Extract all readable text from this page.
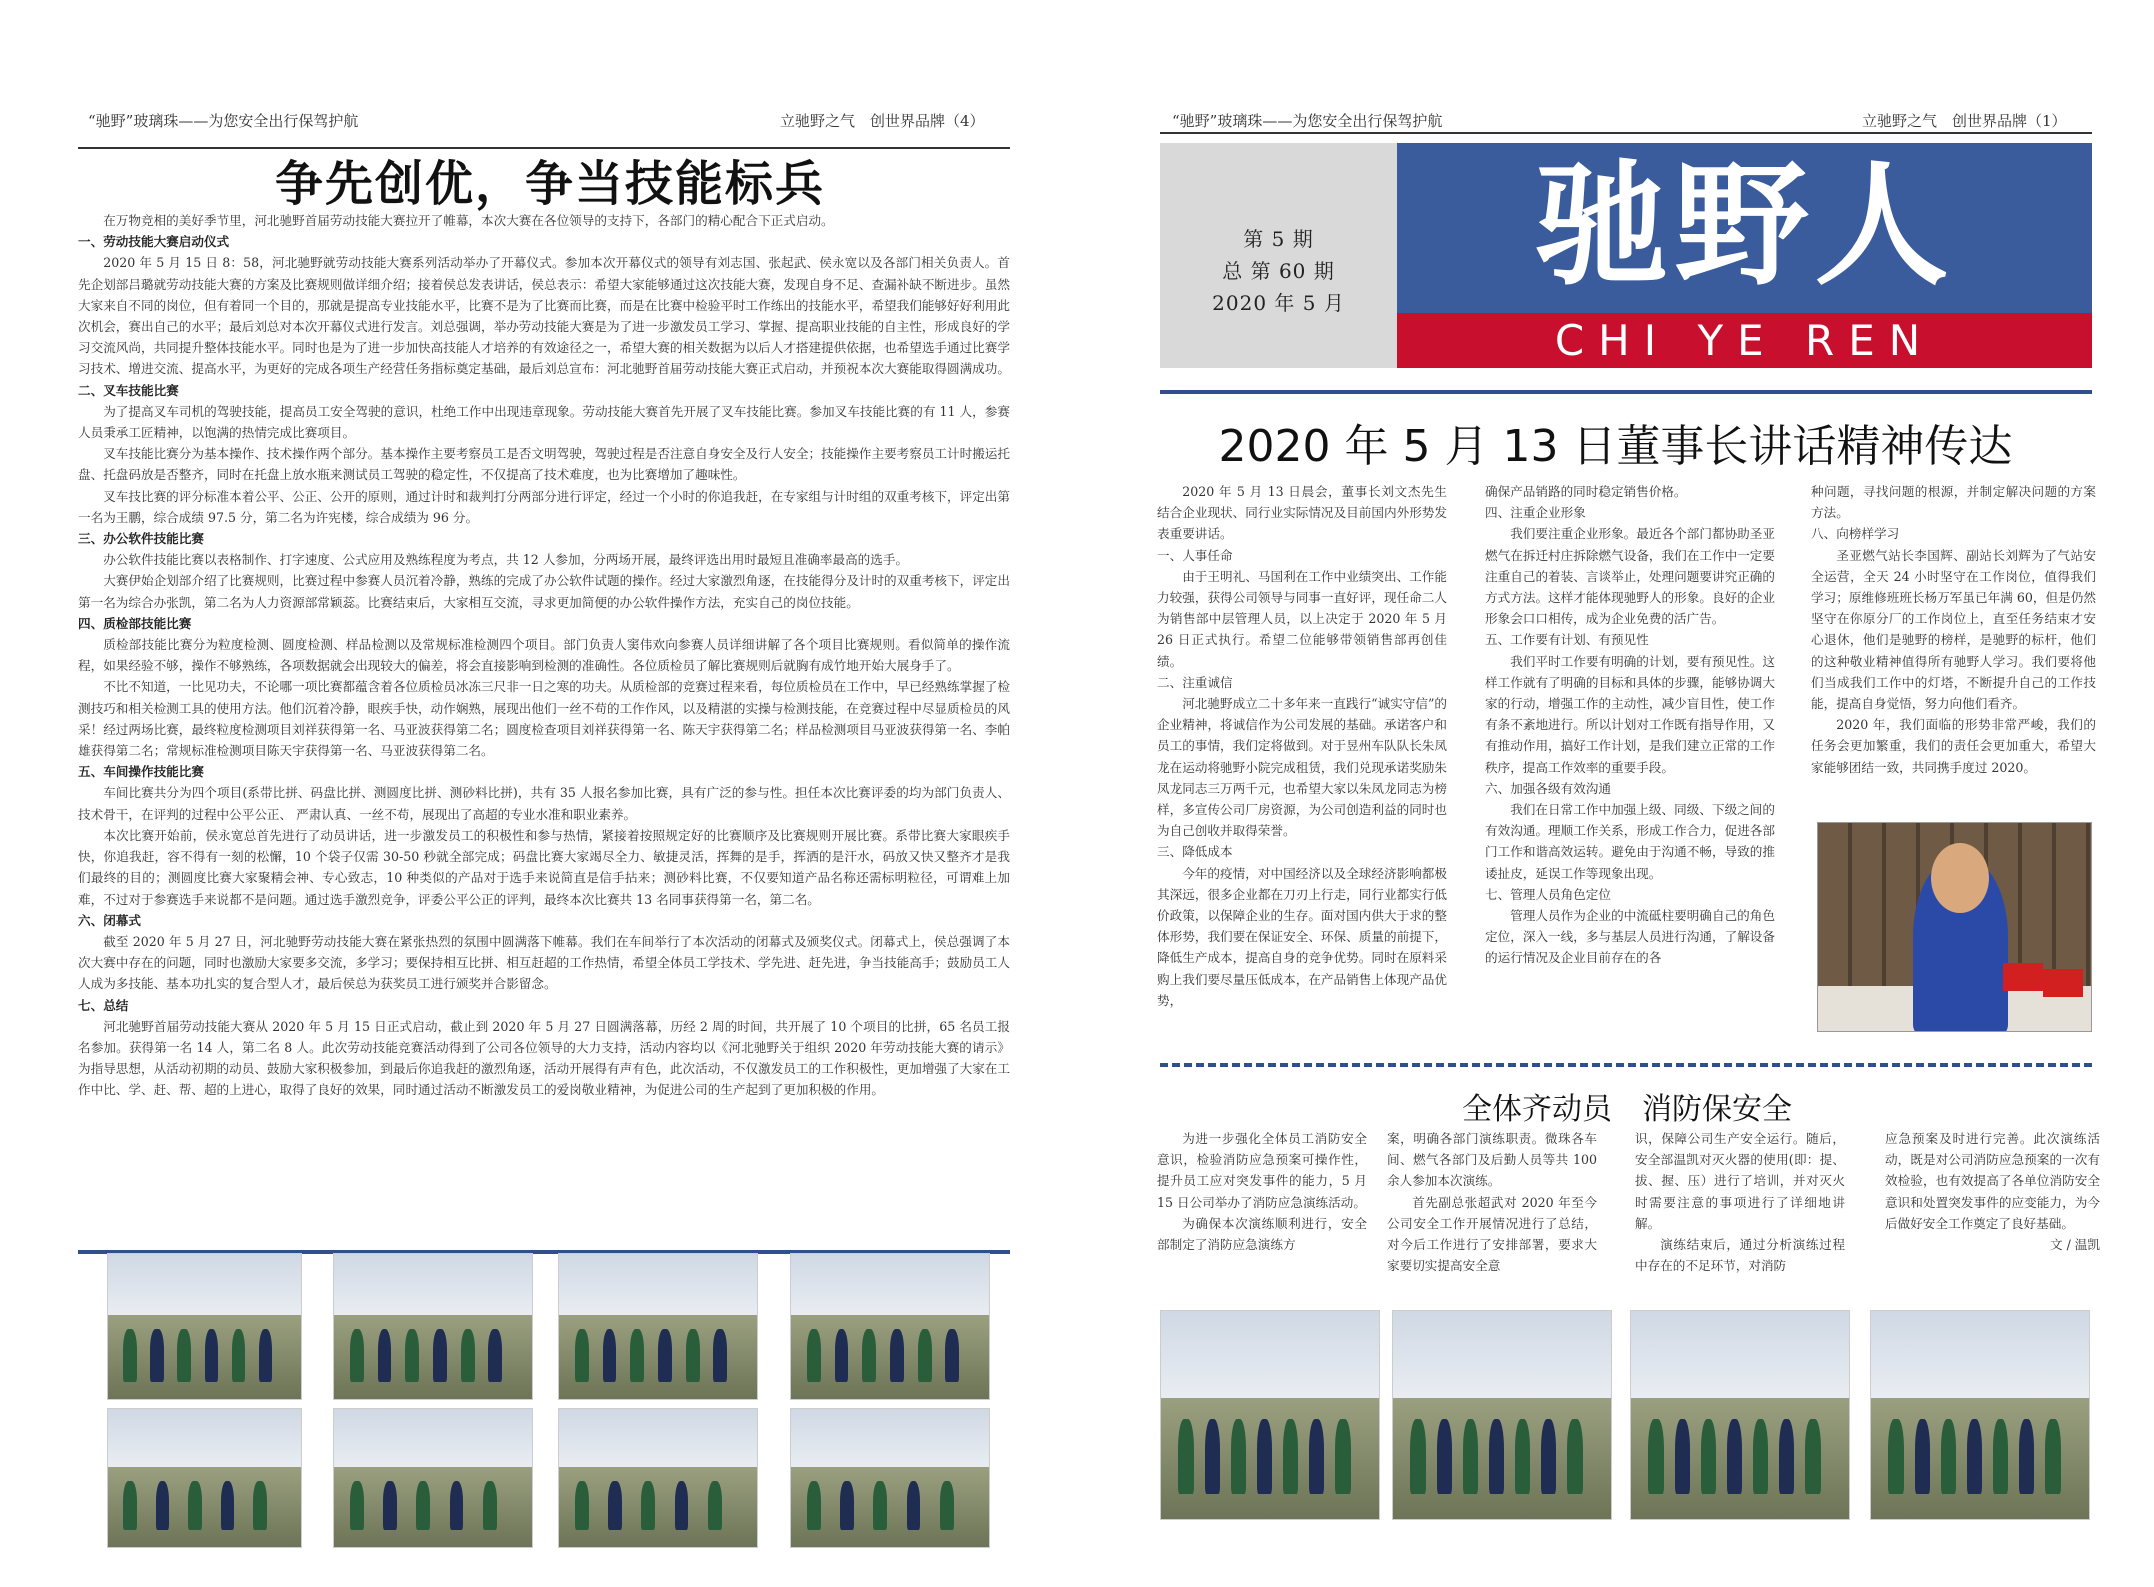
“驰野”玻璃珠——为您安全出行保驾护航	立驰野之气　创世界品牌（4）
争先创优，争当技能标兵

在万物竞相的美好季节里，河北驰野首届劳动技能大赛拉开了帷幕，本次大赛在各位领导的支持下，各部门的精心配合下正式启动。

一、劳动技能大赛启动仪式

2020 年 5 月 15 日 8：58，河北驰野就劳动技能大赛系列活动举办了开幕仪式。参加本次开幕仪式的领导有刘志国、张起武、侯永宽以及各部门相关负责人。首先企划部吕璐就劳动技能大赛的方案及比赛规则做详细介绍；接着侯总发表讲话，侯总表示：希望大家能够通过这次技能大赛，发现自身不足、查漏补缺不断进步。虽然大家来自不同的岗位，但有着同一个目的，那就是提高专业技能水平，比赛不是为了比赛而比赛，而是在比赛中检验平时工作练出的技能水平，希望我们能够好好利用此次机会，赛出自己的水平；最后刘总对本次开幕仪式进行发言。刘总强调，举办劳动技能大赛是为了进一步激发员工学习、掌握、提高职业技能的自主性，形成良好的学习交流风尚，共同提升整体技能水平。同时也是为了进一步加快高技能人才培养的有效途径之一，希望大赛的相关数据为以后人才搭建提供依据，也希望选手通过比赛学习技术、增进交流、提高水平，为更好的完成各项生产经营任务指标奠定基础，最后刘总宣布：河北驰野首届劳动技能大赛正式启动，并预祝本次大赛能取得圆满成功。

二、叉车技能比赛

为了提高叉车司机的驾驶技能，提高员工安全驾驶的意识，杜绝工作中出现违章现象。劳动技能大赛首先开展了叉车技能比赛。参加叉车技能比赛的有 11 人，参赛人员秉承工匠精神，以饱满的热情完成比赛项目。

叉车技能比赛分为基本操作、技术操作两个部分。基本操作主要考察员工是否文明驾驶，驾驶过程是否注意自身安全及行人安全；技能操作主要考察员工计时搬运托盘、托盘码放是否整齐，同时在托盘上放水瓶来测试员工驾驶的稳定性，不仅提高了技术难度，也为比赛增加了趣味性。

叉车技比赛的评分标准本着公平、公正、公开的原则，通过计时和裁判打分两部分进行评定，经过一个小时的你追我赶，在专家组与计时组的双重考核下，评定出第一名为王鹏，综合成绩 97.5 分，第二名为许宪楼，综合成绩为 96 分。

三、办公软件技能比赛

办公软件技能比赛以表格制作、打字速度、公式应用及熟练程度为考点，共 12 人参加，分两场开展，最终评选出用时最短且准确率最高的选手。

大赛伊始企划部介绍了比赛规则，比赛过程中参赛人员沉着冷静，熟练的完成了办公软件试题的操作。经过大家激烈角逐，在技能得分及计时的双重考核下，评定出第一名为综合办张凯，第二名为人力资源部常颖蕊。比赛结束后，大家相互交流，寻求更加简便的办公软件操作方法，充实自己的岗位技能。

四、质检部技能比赛

质检部技能比赛分为粒度检测、圆度检测、样品检测以及常规标准检测四个项目。部门负责人窦伟欢向参赛人员详细讲解了各个项目比赛规则。看似简单的操作流程，如果经验不够，操作不够熟练，各项数据就会出现较大的偏差，将会直接影响到检测的准确性。各位质检员了解比赛规则后就胸有成竹地开始大展身手了。

不比不知道，一比见功夫，不论哪一项比赛都蕴含着各位质检员冰冻三尺非一日之寒的功夫。从质检部的竞赛过程来看，每位质检员在工作中，早已经熟练掌握了检测技巧和相关检测工具的使用方法。他们沉着冷静，眼疾手快，动作娴熟，展现出他们一丝不苟的工作作风，以及精湛的实操与检测技能，在竞赛过程中尽显质检员的风采！经过两场比赛，最终粒度检测项目刘祥获得第一名、马亚波获得第二名；圆度检查项目刘祥获得第一名、陈天宇获得第二名；样品检测项目马亚波获得第一名、李帕雄获得第二名；常规标准检测项目陈天宇获得第一名、马亚波获得第二名。

五、车间操作技能比赛

车间比赛共分为四个项目(系带比拼、码盘比拼、测圆度比拼、测砂料比拼)，共有 35 人报名参加比赛，具有广泛的参与性。担任本次比赛评委的均为部门负责人、技术骨干，在评判的过程中公平公正、 严肃认真、一丝不苟，展现出了高超的专业水准和职业素养。

本次比赛开始前，侯永宽总首先进行了动员讲话，进一步激发员工的积极性和参与热情，紧接着按照规定好的比赛顺序及比赛规则开展比赛。系带比赛大家眼疾手快，你追我赶，容不得有一刻的松懈，10 个袋子仅需 30-50 秒就全部完成；码盘比赛大家竭尽全力、敏捷灵活，挥舞的是手，挥洒的是汗水，码放又快又整齐才是我们最终的目的；测圆度比赛大家聚精会神、专心致志，10 种类似的产品对于选手来说简直是信手拈来；测砂料比赛，不仅要知道产品名称还需标明粒径，可谓难上加难，不过对于参赛选手来说都不是问题。通过选手激烈竞争，评委公平公正的评判，最终本次比赛共 13 名同事获得第一名，第二名。

六、闭幕式

截至 2020 年 5 月 27 日，河北驰野劳动技能大赛在紧张热烈的氛围中圆满落下帷幕。我们在车间举行了本次活动的闭幕式及颁奖仪式。闭幕式上，侯总强调了本次大赛中存在的问题，同时也激励大家要多交流，多学习；要保持相互比拼、相互赶超的工作热情，希望全体员工学技术、学先进、赶先进，争当技能高手；鼓励员工人人成为多技能、基本功扎实的复合型人才，最后侯总为获奖员工进行颁奖并合影留念。

七、总结

河北驰野首届劳动技能大赛从 2020 年 5 月 15 日正式启动，截止到 2020 年 5 月 27 日圆满落幕，历经 2 周的时间，共开展了 10 个项目的比拼，65 名员工报名参加。获得第一名 14 人，第二名 8 人。此次劳动技能竞赛活动得到了公司各位领导的大力支持，活动内容均以《河北驰野关于组织 2020 年劳动技能大赛的请示》为指导思想，从活动初期的动员、鼓励大家积极参加，到最后你追我赶的激烈角逐，活动开展得有声有色，此次活动，不仅激发员工的工作积极性，更加增强了大家在工作中比、学、赶、帮、超的上进心，取得了良好的效果，同时通过活动不断激发员工的爱岗敬业精神，为促进公司的生产起到了更加积极的作用。

“驰野”玻璃珠——为您安全出行保驾护航	立驰野之气　创世界品牌（1）
第 5 期
总 第 60 期
2020 年 5 月	驰野人
CHI YE REN
2020 年 5 月 13 日董事长讲话精神传达

2020 年 5 月 13 日晨会，董事长刘文杰先生结合企业现状、同行业实际情况及目前国内外形势发表重要讲话。

一、人事任命

由于王明礼、马国利在工作中业绩突出、工作能力较强，获得公司领导与同事一直好评，现任命二人为销售部中层管理人员，以上决定于 2020 年 5 月 26 日正式执行。希望二位能够带领销售部再创佳绩。

二、注重诚信

河北驰野成立二十多年来一直践行“诚实守信”的企业精神，将诚信作为公司发展的基础。承诺客户和员工的事情，我们定将做到。对于昱州车队队长朱凤龙在运动将驰野小院完成租赁，我们兑现承诺奖励朱凤龙同志三万两千元，也希望大家以朱凤龙同志为榜样，多宣传公司厂房资源，为公司创造利益的同时也为自己创收并取得荣誉。

三、降低成本

今年的疫情，对中国经济以及全球经济影响都极其深远，很多企业都在刀刃上行走，同行业都实行低价政策，以保障企业的生存。面对国内供大于求的整体形势，我们要在保证安全、环保、质量的前提下，降低生产成本，提高自身的竞争优势。同时在原料采购上我们要尽量压低成本，在产品销售上体现产品优势，

确保产品销路的同时稳定销售价格。

四、注重企业形象

我们要注重企业形象。最近各个部门都协助圣亚燃气在拆迁村庄拆除燃气设备，我们在工作中一定要注重自己的着装、言谈举止，处理问题要讲究正确的方式方法。这样才能体现驰野人的形象。良好的企业形象会口口相传，成为企业免费的活广告。

五、工作要有计划、有预见性

我们平时工作要有明确的计划，要有预见性。这样工作就有了明确的目标和具体的步骤，能够协调大家的行动，增强工作的主动性，减少盲目性，使工作有条不紊地进行。所以计划对工作既有指导作用，又有推动作用，搞好工作计划，是我们建立正常的工作秩序，提高工作效率的重要手段。

六、加强各级有效沟通

我们在日常工作中加强上级、同级、下级之间的有效沟通。理顺工作关系，形成工作合力，促进各部门工作和谐高效运转。避免由于沟通不畅，导致的推诿扯皮，延误工作等现象出现。

七、管理人员角色定位

管理人员作为企业的中流砥柱要明确自己的角色定位，深入一线，多与基层人员进行沟通，了解设备的运行情况及企业目前存在的各

种问题，寻找问题的根源，并制定解决问题的方案方法。

八、向榜样学习

圣亚燃气站长李国辉、副站长刘辉为了气站安全运营，全天 24 小时坚守在工作岗位，值得我们学习；原维修班班长杨万军虽已年满 60，但是仍然坚守在你原分厂的工作岗位上，直至任务结束才安心退休，他们是驰野的榜样，是驰野的标杆，他们的这种敬业精神值得所有驰野人学习。我们要将他们当成我们工作中的灯塔，不断提升自己的工作技能，提高自身觉悟，努力向他们看齐。

2020 年，我们面临的形势非常严峻，我们的任务会更加繁重，我们的责任会更加重大，希望大家能够团结一致，共同携手度过 2020。

全体齐动员　消防保安全

为进一步强化全体员工消防安全意识，检验消防应急预案可操作性，提升员工应对突发事件的能力，5 月 15 日公司举办了消防应急演练活动。

为确保本次演练顺利进行，安全部制定了消防应急演练方

案，明确各部门演练职责。微珠各车间、燃气各部门及后勤人员等共 100 余人参加本次演练。

首先副总张超武对 2020 年至今公司安全工作开展情况进行了总结，对今后工作进行了安排部署，要求大家要切实提高安全意

识，保障公司生产安全运行。随后，安全部温凯对灭火器的使用(即：提、拔、握、压）进行了培训，并对灭火时需要注意的事项进行了详细地讲解。

演练结束后，通过分析演练过程中存在的不足环节，对消防

应急预案及时进行完善。此次演练活动，既是对公司消防应急预案的一次有效检验，也有效提高了各单位消防安全意识和处置突发事件的应变能力，为今后做好安全工作奠定了良好基础。

文 / 温凯
